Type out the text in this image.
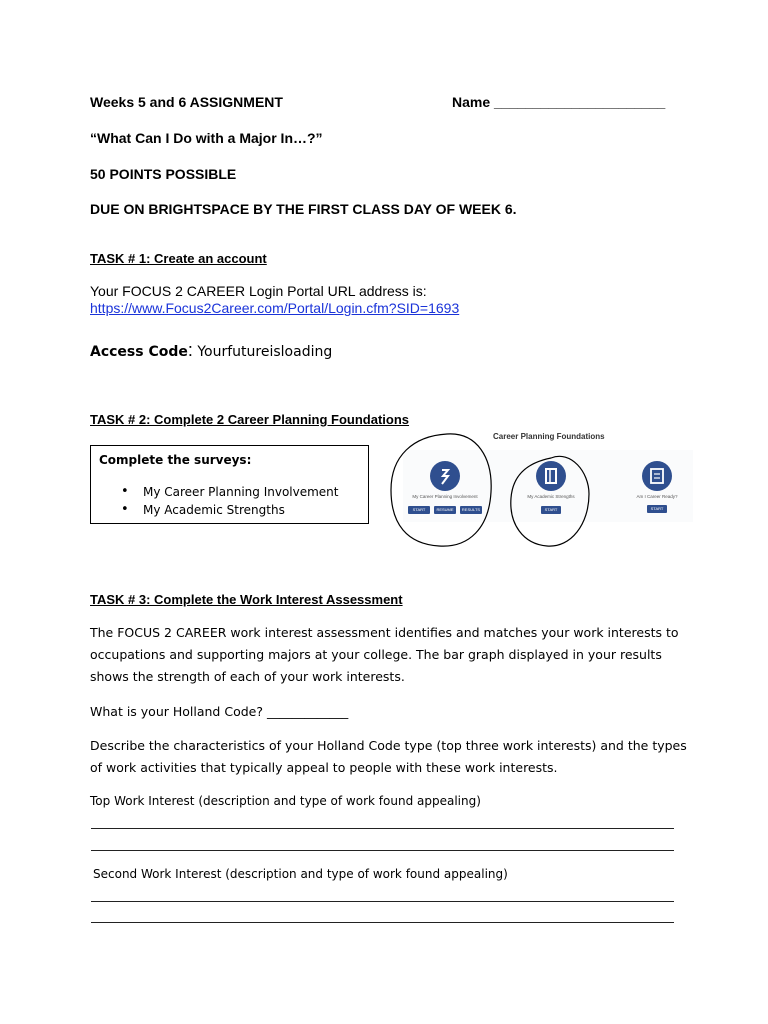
Weeks 5 and 6 ASSIGNMENT	Name ______________________
“What Can I Do with a Major In…?”
50 POINTS POSSIBLE
DUE ON BRIGHTSPACE BY THE FIRST CLASS DAY OF WEEK 6.
TASK # 1: Create an account
Your FOCUS 2 CAREER Login Portal URL address is:
https://www.Focus2Career.com/Portal/Login.cfm?SID=1693
Access Code: Yourfutureisloading
TASK # 2: Complete 2 Career Planning Foundations
Complete the surveys:
• My Career Planning Involvement
• My Academic Strengths
Career Planning Foundations
My Career Planning Involvement
START OVER
RESUME	RESULTS
My Academic Strengths
START
Am I Career Ready?
START
TASK # 3: Complete the Work Interest Assessment
The FOCUS 2 CAREER work interest assessment identifies and matches your work interests to
occupations and supporting majors at your college. The bar graph displayed in your results
shows the strength of each of your work interests.
What is your Holland Code? _____________
Describe the characteristics of your Holland Code type (top three work interests) and the types
of work activities that typically appeal to people with these work interests.
Top Work Interest (description and type of work found appealing)
Second Work Interest (description and type of work found appealing)
